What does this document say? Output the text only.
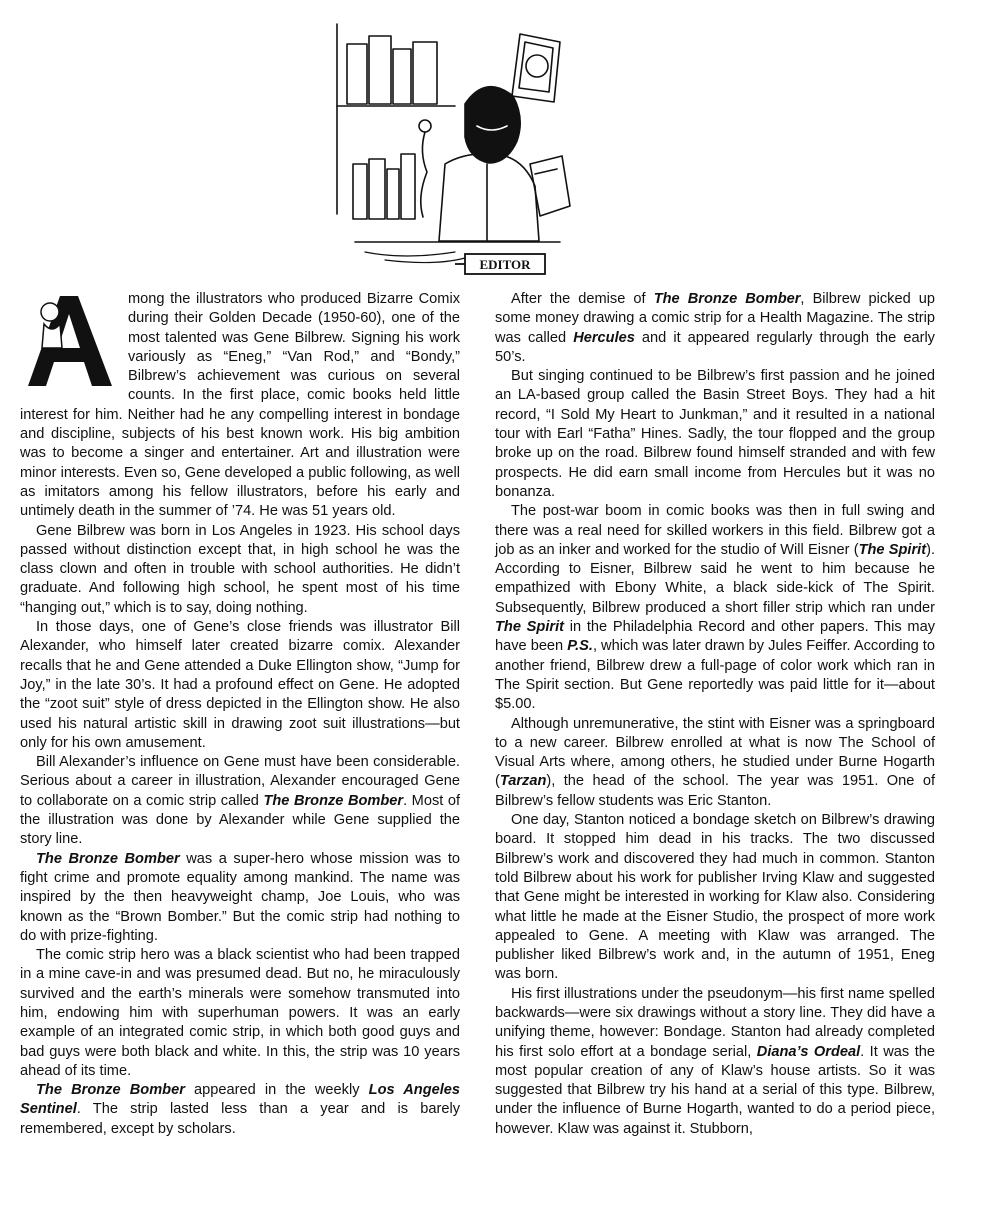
EDITOR
A

mong the illustrators who produced Bizarre Comix during their Golden Decade (1950-60), one of the most talented was Gene Bilbrew. Signing his work variously as “Eneg,” “Van Rod,” and “Bondy,” Bilbrew’s achievement was curious on several counts. In the first place, comic books held little interest for him. Neither had he any compelling interest in bondage and discipline, subjects of his best known work. His big ambition was to become a singer and entertainer. Art and illustration were minor interests. Even so, Gene developed a public following, as well as imitators among his fellow illustrators, before his early and untimely death in the summer of ’74. He was 51 years old.

Gene Bilbrew was born in Los Angeles in 1923. His school days passed without distinction except that, in high school he was the class clown and often in trouble with school authorities. He didn’t graduate. And following high school, he spent most of his time “hanging out,” which is to say, doing nothing.

In those days, one of Gene’s close friends was illustrator Bill Alexander, who himself later created bizarre comix. Alexander recalls that he and Gene attended a Duke Ellington show, “Jump for Joy,” in the late 30’s. It had a profound effect on Gene. He adopted the “zoot suit” style of dress depicted in the Ellington show. He also used his natural artistic skill in drawing zoot suit illustrations—but only for his own amusement.

Bill Alexander’s influence on Gene must have been considerable. Serious about a career in illustration, Alexander encouraged Gene to collaborate on a comic strip called The Bronze Bomber. Most of the illustration was done by Alexander while Gene supplied the story line.

The Bronze Bomber was a super-hero whose mission was to fight crime and promote equality among mankind. The name was inspired by the then heavyweight champ, Joe Louis, who was known as the “Brown Bomber.” But the comic strip had nothing to do with prize-fighting.

The comic strip hero was a black scientist who had been trapped in a mine cave-in and was presumed dead. But no, he miraculously survived and the earth’s minerals were somehow transmuted into him, endowing him with superhuman powers. It was an early example of an integrated comic strip, in which both good guys and bad guys were both black and white. In this, the strip was 10 years ahead of its time.

The Bronze Bomber appeared in the weekly Los Angeles Sentinel. The strip lasted less than a year and is barely remembered, except by scholars.

After the demise of The Bronze Bomber, Bilbrew picked up some money drawing a comic strip for a Health Magazine. The strip was called Hercules and it appeared regularly through the early 50’s.

But singing continued to be Bilbrew’s first passion and he joined an LA-based group called the Basin Street Boys. They had a hit record, “I Sold My Heart to Junkman,” and it resulted in a national tour with Earl “Fatha” Hines. Sadly, the tour flopped and the group broke up on the road. Bilbrew found himself stranded and with few prospects. He did earn small income from Hercules but it was no bonanza.

The post-war boom in comic books was then in full swing and there was a real need for skilled workers in this field. Bilbrew got a job as an inker and worked for the studio of Will Eisner (The Spirit). According to Eisner, Bilbrew said he went to him because he empathized with Ebony White, a black side-kick of The Spirit. Subsequently, Bilbrew produced a short filler strip which ran under The Spirit in the Philadelphia Record and other papers. This may have been P.S., which was later drawn by Jules Feiffer. According to another friend, Bilbrew drew a full-page of color work which ran in The Spirit section. But Gene reportedly was paid little for it—about $5.00.

Although unremunerative, the stint with Eisner was a springboard to a new career. Bilbrew enrolled at what is now The School of Visual Arts where, among others, he studied under Burne Hogarth (Tarzan), the head of the school. The year was 1951. One of Bilbrew’s fellow students was Eric Stanton.

One day, Stanton noticed a bondage sketch on Bilbrew’s drawing board. It stopped him dead in his tracks. The two discussed Bilbrew’s work and discovered they had much in common. Stanton told Bilbrew about his work for publisher Irving Klaw and suggested that Gene might be interested in working for Klaw also. Considering what little he made at the Eisner Studio, the prospect of more work appealed to Gene. A meeting with Klaw was arranged. The publisher liked Bilbrew’s work and, in the autumn of 1951, Eneg was born.

His first illustrations under the pseudonym—his first name spelled backwards—were six drawings without a story line. They did have a unifying theme, however: Bondage. Stanton had already completed his first solo effort at a bondage serial, Diana’s Ordeal. It was the most popular creation of any of Klaw’s house artists. So it was suggested that Bilbrew try his hand at a serial of this type. Bilbrew, under the influence of Burne Hogarth, wanted to do a period piece, however. Klaw was against it. Stubborn,
